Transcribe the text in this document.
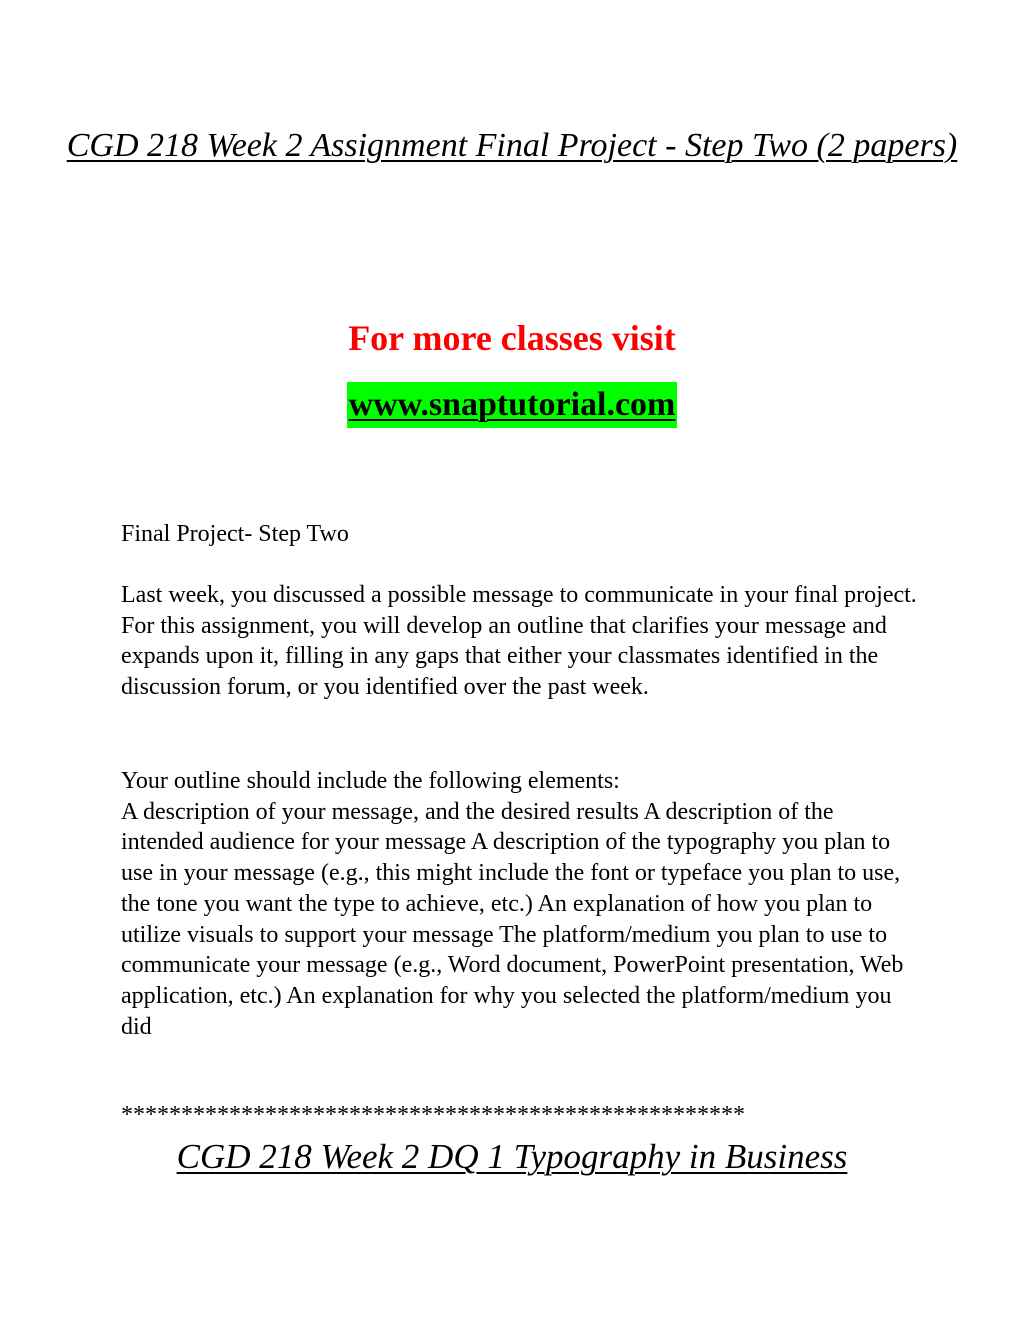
CGD 218 Week 2 Assignment Final Project - Step Two (2 papers)

For more classes visit

www.snaptutorial.com

Final Project- Step Two

Last week, you discussed a possible message to communicate in your final project. For this assignment, you will develop an outline that clarifies your message and expands upon it, filling in any gaps that either your classmates identified in the discussion forum, or you identified over the past week.

Your outline should include the following elements:
A description of your message, and the desired results A description of the intended audience for your message A description of the typography you plan to use in your message (e.g., this might include the font or typeface you plan to use, the tone you want the type to achieve, etc.) An explanation of how you plan to utilize visuals to support your message The platform/medium you plan to use to communicate your message (e.g., Word document, PowerPoint presentation, Web application, etc.) An explanation for why you selected the platform/medium you did

****************************************************

CGD 218 Week 2 DQ 1 Typography in Business
